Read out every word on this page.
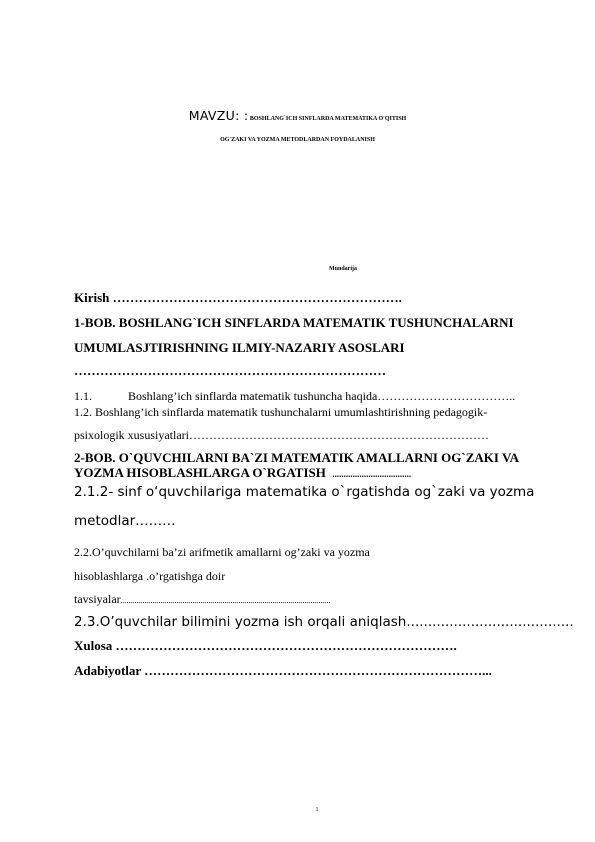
MAVZU: : BOSHLANG`ICH SINFLARDA MATEMATIKA O'QITISH
OG'ZAKI VA YOZMA METODLARDAN FOYDALANISH
Mundarija
Kirish ………………………………………………………….
1-BOB. BOSHLANG`ICH SINFLARDA MATEMATIK TUSHUNCHALARNI
UMUMLASJTIRISHNING ILMIY-NAZARIY ASOSLARI
………………………………………………………………
1.1.	Boshlang’ich sinflarda matematik tushuncha haqida……………………………..
1.2. Boshlang’ich sinflarda matematik tushunchalarni umumlashtirishning pedagogik-
psixologik xususiyatlari…………………………………………………………………
2-BOB. O`QUVCHILARNI BA`ZI MATEMATIK AMALLARNI OG`ZAKI VA
YOZMA HISOBLASHLARGA O`RGATISH ...................................
2.1.2- sinf o‘quvchilariga matematika o`rgatishda og`zaki va yozma
metodlar………
2.2.O’quvchilarni ba’zi arifmetik amallarni og’zaki va yozma
hisoblashlarga .o’rgatishga doir
tavsiyalar.........................................................................................................
2.3.O’quvchilar bilimini yozma ish orqali aniqlash.......................................
Xulosa …………………………………………………………………….
Adabiyotlar ……………………………………………………………………...
1
